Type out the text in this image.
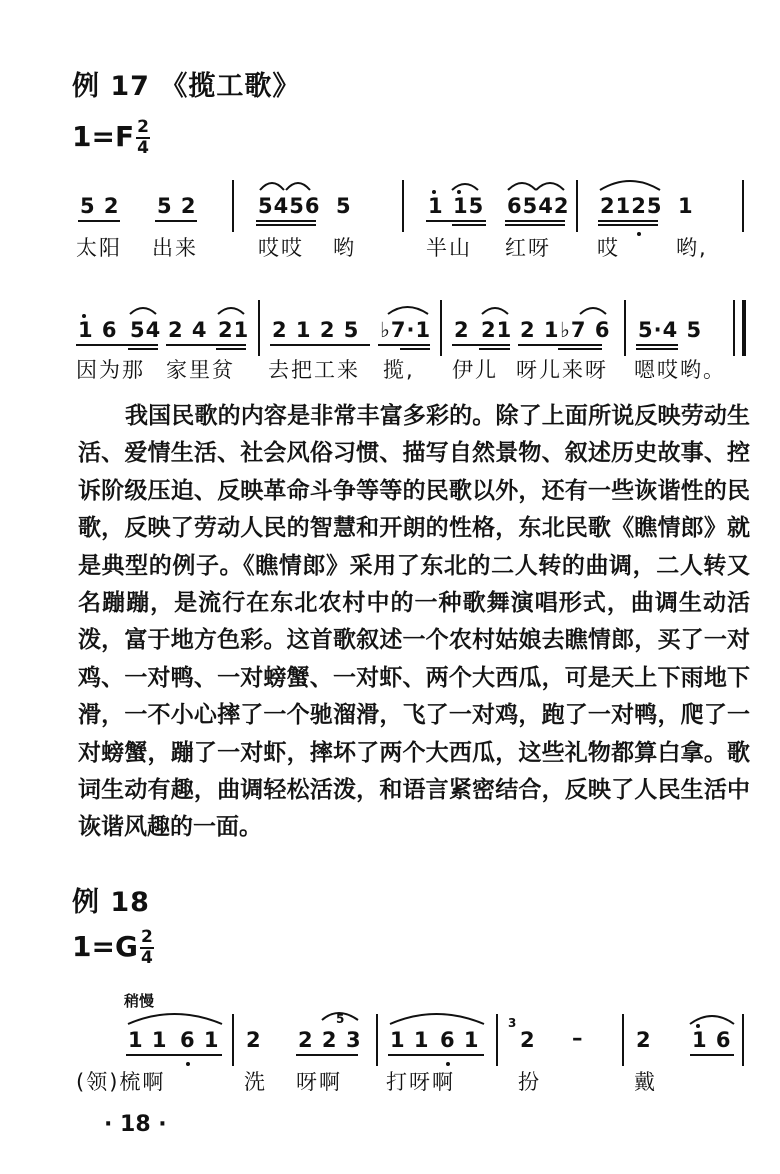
例 17 《揽工歌》
$1=F \frac{2}{4}$
5 2 5 2	5456 5	1 15 6542 2125 1
太阳 出来	哎哎 哟	半山 红呀 哎	哟,
1 6 54 2 4 21 2 1 2 5 ♭7·1 2 21 2 1 ♭7 6 5·4 5
因为那 家里贫 去把工来 揽, 伊儿 呀儿来呀 嗯哎哟。
我国民歌的内容是非常丰富多彩的。除了上面所说反映劳动生活、爱情生活、社会风俗习惯、描写自然景物、叙述历史故事、控诉阶级压迫、反映革命斗争等等的民歌以外，还有一些诙谐性的民歌，反映了劳动人民的智慧和开朗的性格，东北民歌《瞧情郎》就是典型的例子。《瞧情郎》采用了东北的二人转的曲调，二人转又名蹦蹦，是流行在东北农村中的一种歌舞演唱形式，曲调生动活泼，富于地方色彩。这首歌叙述一个农村姑娘去瞧情郎，买了一对鸡、一对鸭、一对螃蟹、一对虾、两个大西瓜，可是天上下雨地下滑，一不小心摔了一个驰溜滑，飞了一对鸡，跑了一对鸭，爬了一对螃蟹，蹦了一对虾，摔坏了两个大西瓜，这些礼物都算白拿。歌词生动有趣，曲调轻松活泼，和语言紧密结合，反映了人民生活中诙谐风趣的一面。
例 18
$1=G \frac{2}{4}$
稍慢
1 1 6 1 2 2 2
5
3 1 1 6 1
3
2 –	2 1 6
(领)梳啊	洗 呀啊 打呀啊	扮	戴
· 18 ·
